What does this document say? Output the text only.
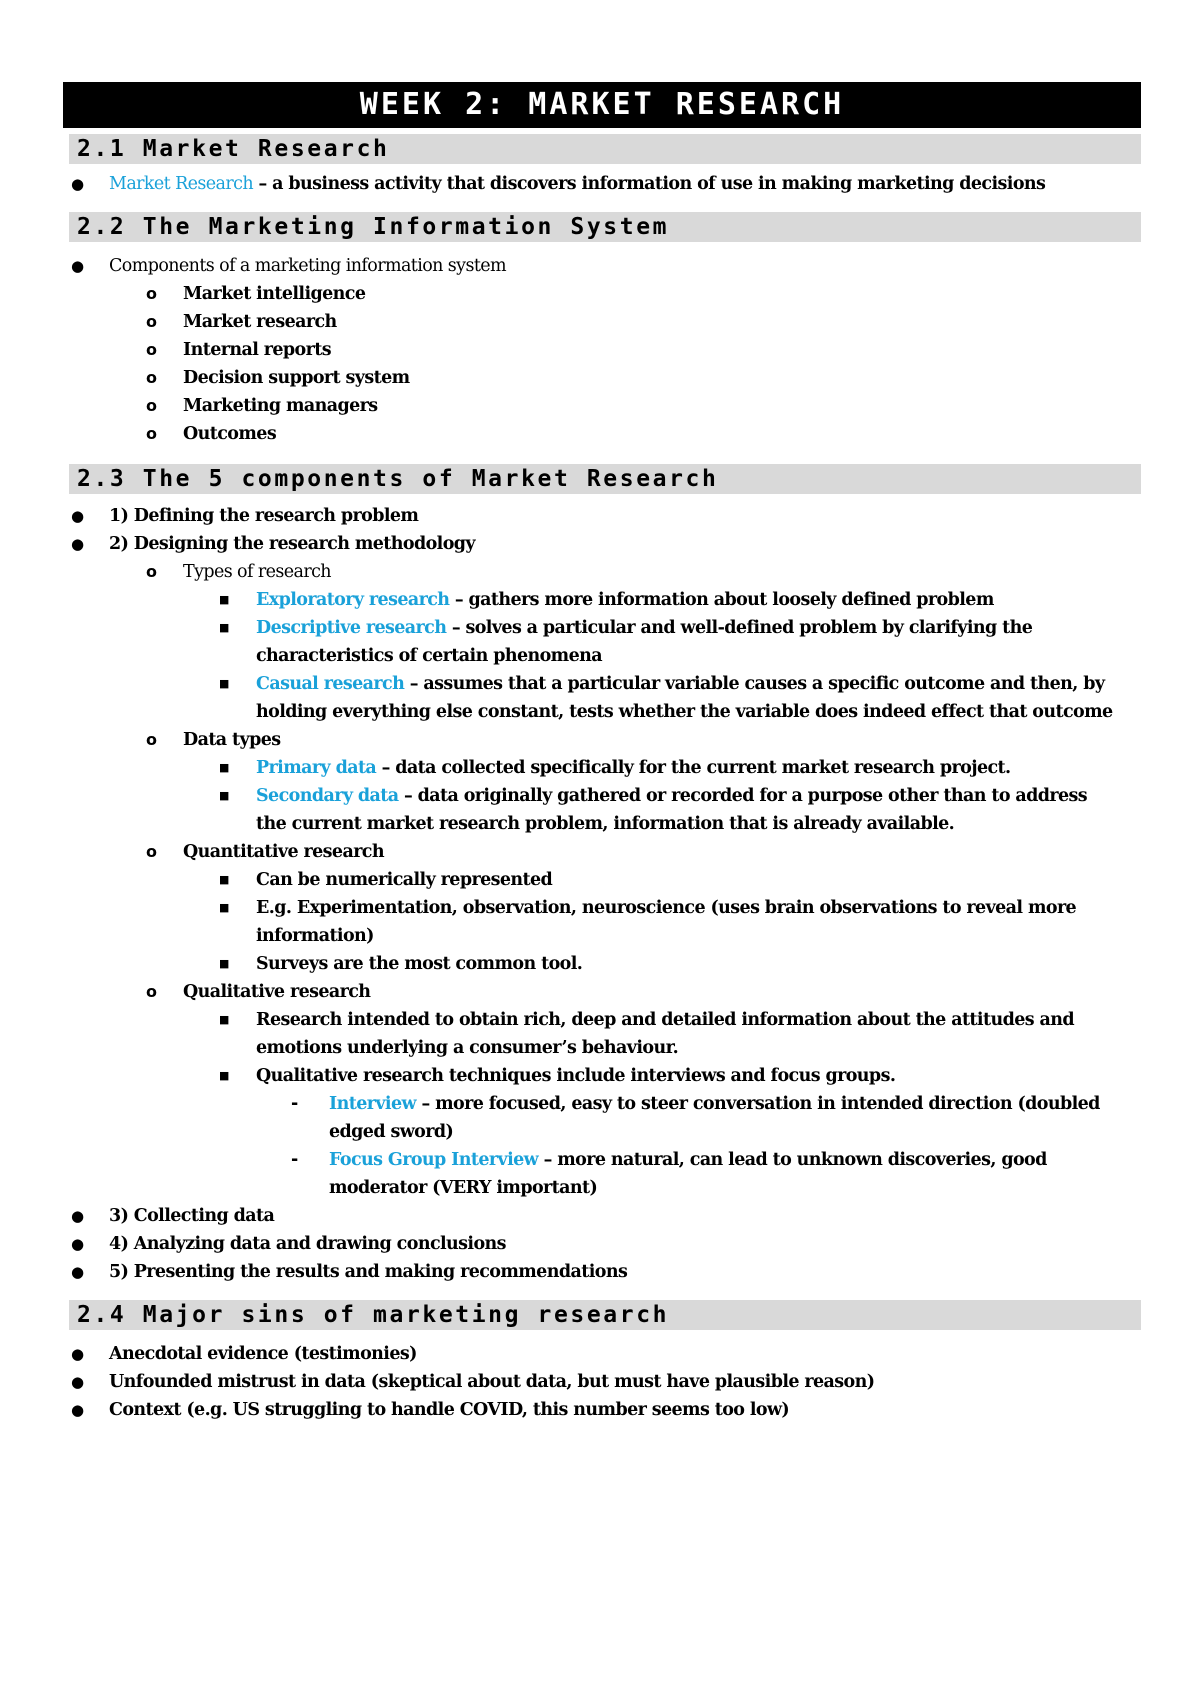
WEEK 2: MARKET RESEARCH
2.1 Market Research
● Market Research – a business activity that discovers information of use in making marketing decisions
2.2 The Marketing Information System
● Components of a marketing information system
o Market intelligence
o Market research
o Internal reports
o Decision support system
o Marketing managers
o Outcomes
2.3 The 5 components of Market Research
● 1) Defining the research problem
● 2) Designing the research methodology
o Types of research
■ Exploratory research – gathers more information about loosely defined problem
■ Descriptive research – solves a particular and well-defined problem by clarifying the
characteristics of certain phenomena
■ Casual research – assumes that a particular variable causes a specific outcome and then, by
holding everything else constant, tests whether the variable does indeed effect that outcome
o Data types
■ Primary data – data collected specifically for the current market research project.
■ Secondary data – data originally gathered or recorded for a purpose other than to address
the current market research problem, information that is already available.
o Quantitative research
■ Can be numerically represented
■ E.g. Experimentation, observation, neuroscience (uses brain observations to reveal more
information)
■ Surveys are the most common tool.
o Qualitative research
■ Research intended to obtain rich, deep and detailed information about the attitudes and
emotions underlying a consumer’s behaviour.
■ Qualitative research techniques include interviews and focus groups.
- Interview – more focused, easy to steer conversation in intended direction (doubled
edged sword)
- Focus Group Interview – more natural, can lead to unknown discoveries, good
moderator (VERY important)
● 3) Collecting data
● 4) Analyzing data and drawing conclusions
● 5) Presenting the results and making recommendations
2.4 Major sins of marketing research
● Anecdotal evidence (testimonies)
● Unfounded mistrust in data (skeptical about data, but must have plausible reason)
● Context (e.g. US struggling to handle COVID, this number seems too low)
